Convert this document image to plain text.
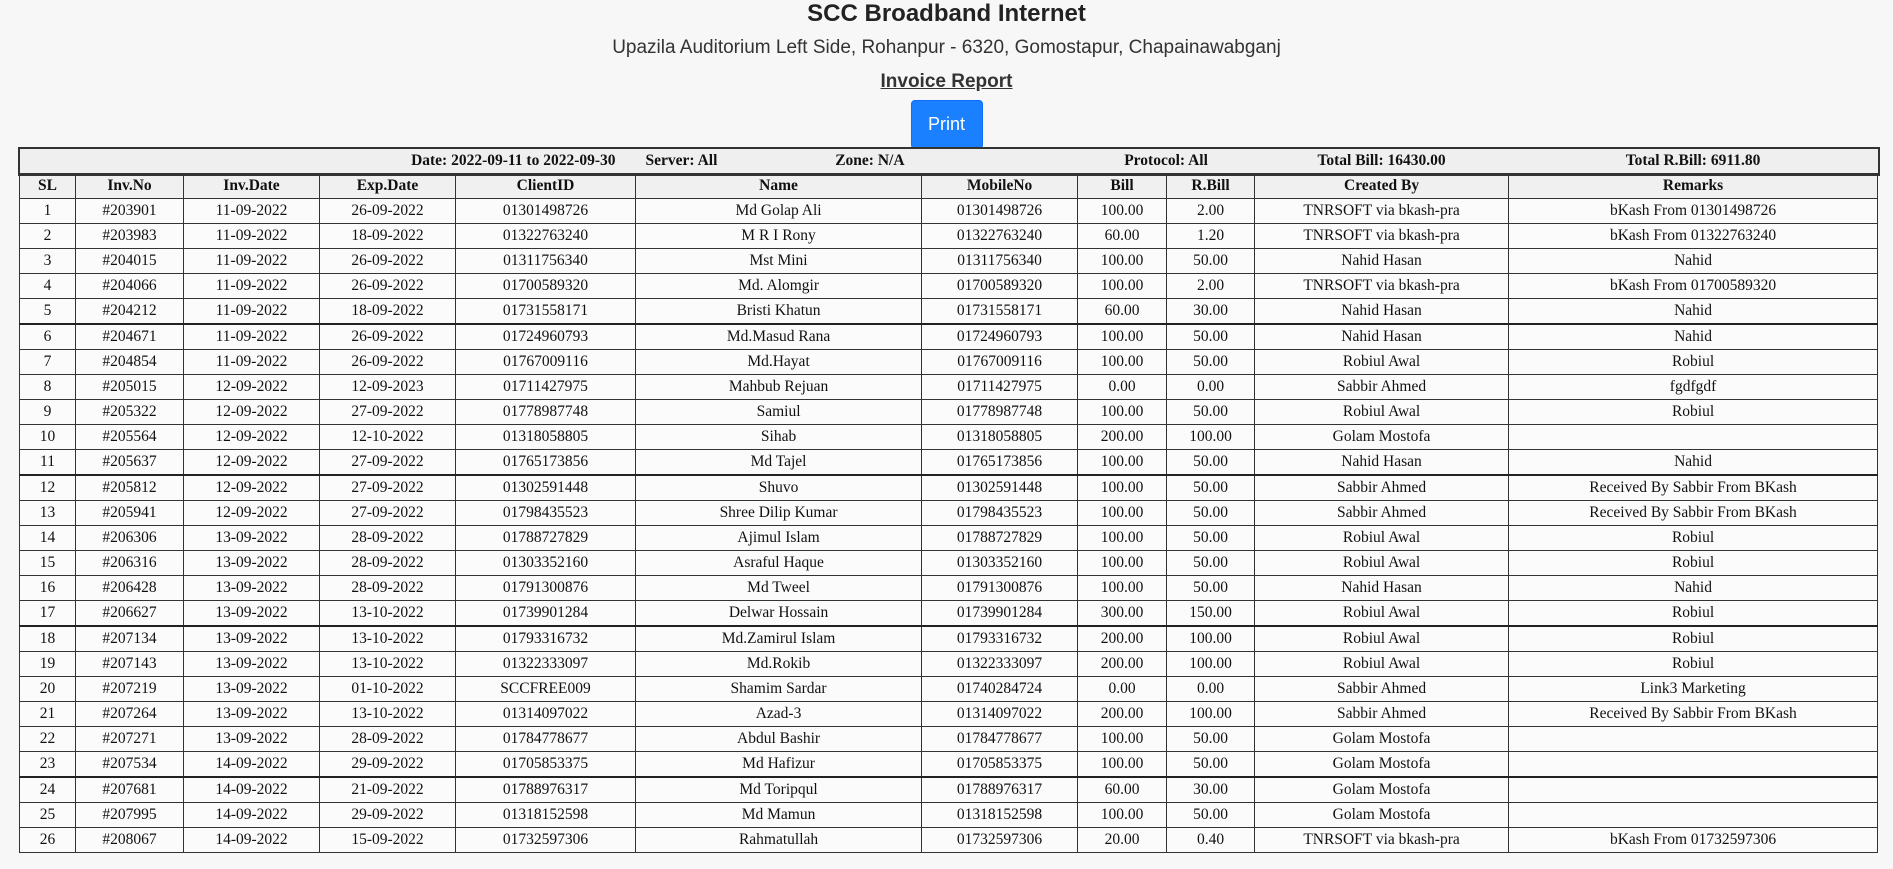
SCC Broadband Internet
Upazila Auditorium Left Side, Rohanpur - 6320, Gomostapur, Chapainawabganj
Invoice Report
Print
Date: 2022-09-11 to 2022-09-30					Server: All Zone: N/A		Protocol: All		Total Bill: 16430.00	Total R.Bill: 6911.80
SL	Inv.No	Inv.Date	Exp.Date	ClientID	Name	MobileNo	Bill	R.Bill	Created By	Remarks
1	#203901	11-09-2022	26-09-2022	01301498726	Md Golap Ali	01301498726	100.00	2.00	TNRSOFT via bkash-pra	bKash From 01301498726
2	#203983	11-09-2022	18-09-2022	01322763240	M R I Rony	01322763240	60.00	1.20	TNRSOFT via bkash-pra	bKash From 01322763240
3	#204015	11-09-2022	26-09-2022	01311756340	Mst Mini	01311756340	100.00	50.00	Nahid Hasan	Nahid
4	#204066	11-09-2022	26-09-2022	01700589320	Md. Alomgir	01700589320	100.00	2.00	TNRSOFT via bkash-pra	bKash From 01700589320
5	#204212	11-09-2022	18-09-2022	01731558171	Bristi Khatun	01731558171	60.00	30.00	Nahid Hasan	Nahid
6	#204671	11-09-2022	26-09-2022	01724960793	Md.Masud Rana	01724960793	100.00	50.00	Nahid Hasan	Nahid
7	#204854	11-09-2022	26-09-2022	01767009116	Md.Hayat	01767009116	100.00	50.00	Robiul Awal	Robiul
8	#205015	12-09-2022	12-09-2023	01711427975	Mahbub Rejuan	01711427975	0.00	0.00	Sabbir Ahmed	fgdfgdf
9	#205322	12-09-2022	27-09-2022	01778987748	Samiul	01778987748	100.00	50.00	Robiul Awal	Robiul
10	#205564	12-09-2022	12-10-2022	01318058805	Sihab	01318058805	200.00	100.00	Golam Mostofa	
11	#205637	12-09-2022	27-09-2022	01765173856	Md Tajel	01765173856	100.00	50.00	Nahid Hasan	Nahid
12	#205812	12-09-2022	27-09-2022	01302591448	Shuvo	01302591448	100.00	50.00	Sabbir Ahmed	Received By Sabbir From BKash
13	#205941	12-09-2022	27-09-2022	01798435523	Shree Dilip Kumar	01798435523	100.00	50.00	Sabbir Ahmed	Received By Sabbir From BKash
14	#206306	13-09-2022	28-09-2022	01788727829	Ajimul Islam	01788727829	100.00	50.00	Robiul Awal	Robiul
15	#206316	13-09-2022	28-09-2022	01303352160	Asraful Haque	01303352160	100.00	50.00	Robiul Awal	Robiul
16	#206428	13-09-2022	28-09-2022	01791300876	Md Tweel	01791300876	100.00	50.00	Nahid Hasan	Nahid
17	#206627	13-09-2022	13-10-2022	01739901284	Delwar Hossain	01739901284	300.00	150.00	Robiul Awal	Robiul
18	#207134	13-09-2022	13-10-2022	01793316732	Md.Zamirul Islam	01793316732	200.00	100.00	Robiul Awal	Robiul
19	#207143	13-09-2022	13-10-2022	01322333097	Md.Rokib	01322333097	200.00	100.00	Robiul Awal	Robiul
20	#207219	13-09-2022	01-10-2022	SCCFREE009	Shamim Sardar	01740284724	0.00	0.00	Sabbir Ahmed	Link3 Marketing
21	#207264	13-09-2022	13-10-2022	01314097022	Azad-3	01314097022	200.00	100.00	Sabbir Ahmed	Received By Sabbir From BKash
22	#207271	13-09-2022	28-09-2022	01784778677	Abdul Bashir	01784778677	100.00	50.00	Golam Mostofa	
23	#207534	14-09-2022	29-09-2022	01705853375	Md Hafizur	01705853375	100.00	50.00	Golam Mostofa	
24	#207681	14-09-2022	21-09-2022	01788976317	Md Toripqul	01788976317	60.00	30.00	Golam Mostofa	
25	#207995	14-09-2022	29-09-2022	01318152598	Md Mamun	01318152598	100.00	50.00	Golam Mostofa	
26	#208067	14-09-2022	15-09-2022	01732597306	Rahmatullah	01732597306	20.00	0.40	TNRSOFT via bkash-pra	bKash From 01732597306
